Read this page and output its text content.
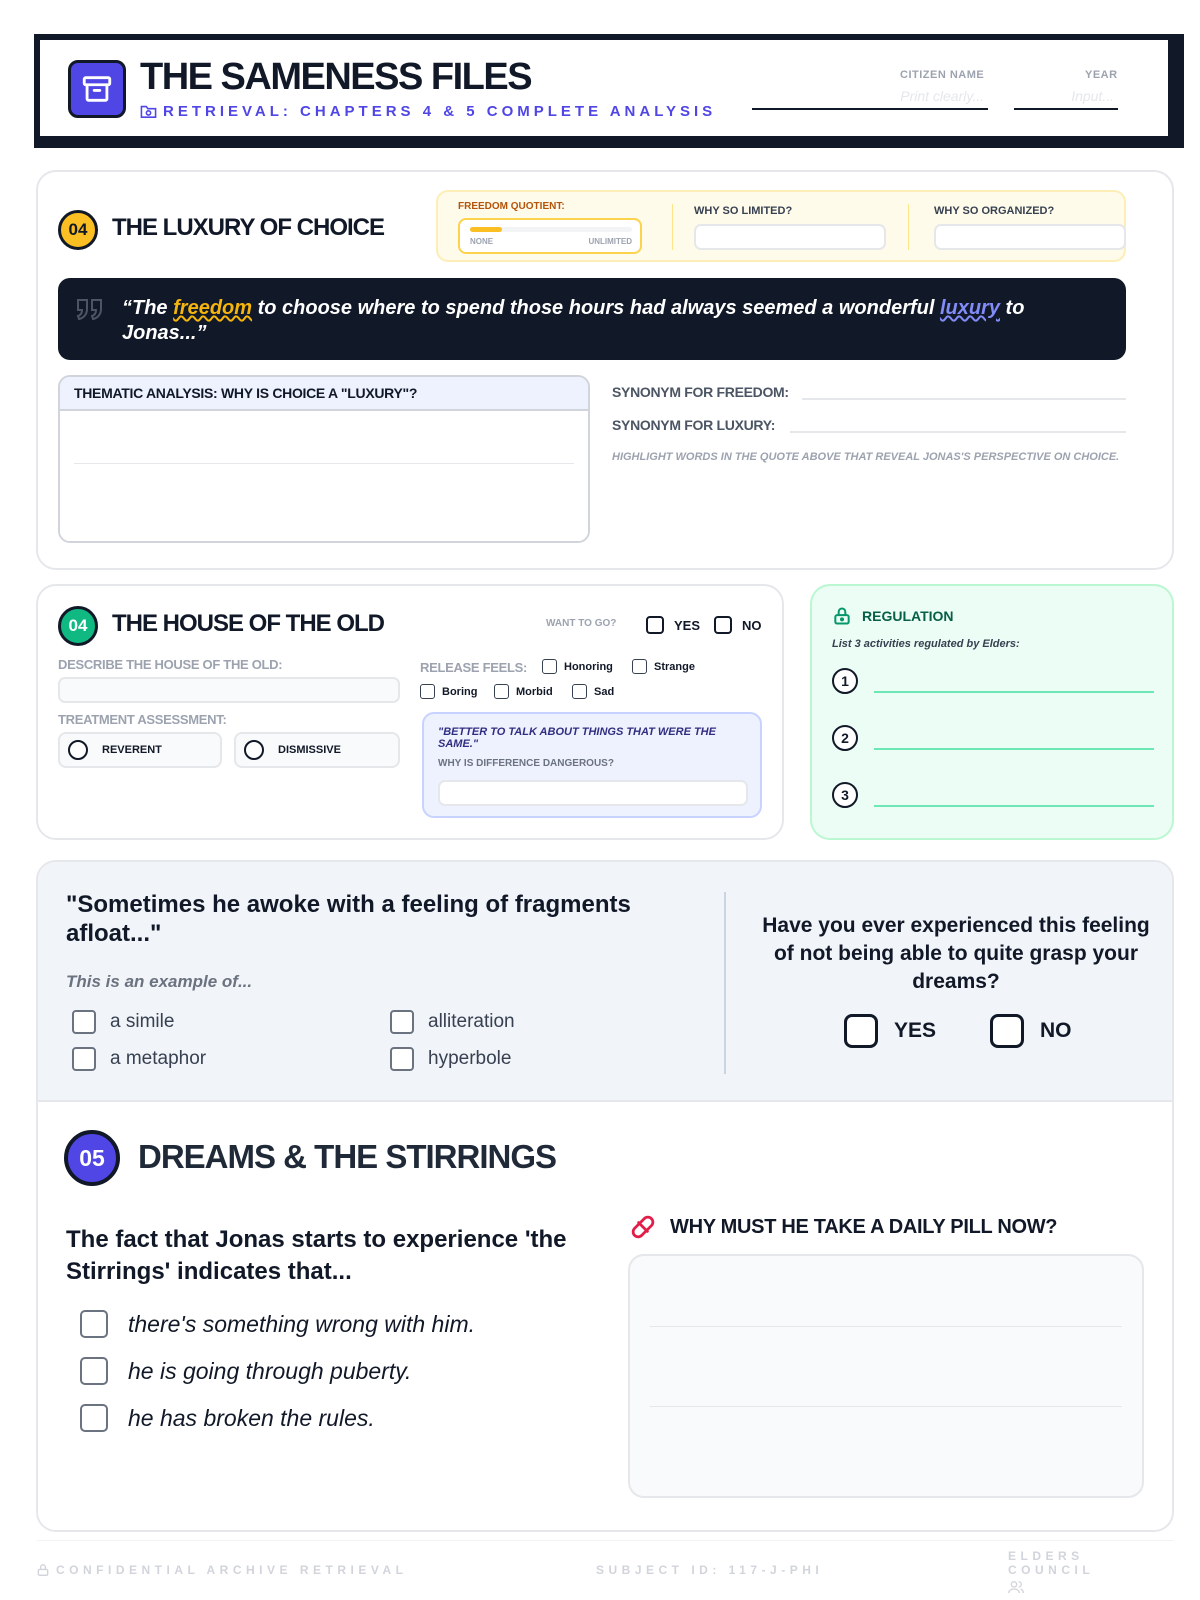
THE SAMENESS FILES
RETRIEVAL: CHAPTERS 4 & 5 COMPLETE ANALYSIS
CITIZEN NAME
Print clearly...
YEAR
Input...
04	THE LUXURY OF CHOICE
FREEDOM QUOTIENT:
NONE	UNLIMITED
WHY SO LIMITED?	WHY SO ORGANIZED?
“The freedom to choose where to spend those hours had always seemed a wonderful luxury to Jonas...”
THEMATIC ANALYSIS: WHY IS CHOICE A "LUXURY"?	SYNONYM FOR FREEDOM:
SYNONYM FOR LUXURY:
HIGHLIGHT WORDS IN THE QUOTE ABOVE THAT REVEAL JONAS'S PERSPECTIVE ON CHOICE.
04	THE HOUSE OF THE OLD	WANT TO GO?	YES	NO
DESCRIBE THE HOUSE OF THE OLD:
TREATMENT ASSESSMENT:
REVERENT	DISMISSIVE
RELEASE FEELS:	Honoring	Strange
Boring	Morbid	Sad
"BETTER TO TALK ABOUT THINGS THAT WERE THE SAME."
WHY IS DIFFERENCE DANGEROUS?
REGULATION
List 3 activities regulated by Elders:
1
2
3
"Sometimes he awoke with a feeling of fragments afloat..."
This is an example of...
a simile	alliteration
a metaphor	hyperbole
Have you ever experienced this feeling of not being able to quite grasp your dreams?
YES	NO
05	DREAMS & THE STIRRINGS
The fact that Jonas starts to experience 'the Stirrings' indicates that...
there's something wrong with him.
he is going through puberty.
he has broken the rules.
WHY MUST HE TAKE A DAILY PILL NOW?
CONFIDENTIAL ARCHIVE RETRIEVAL	SUBJECT ID: 117-J-PHI
ELDERS COUNCIL
